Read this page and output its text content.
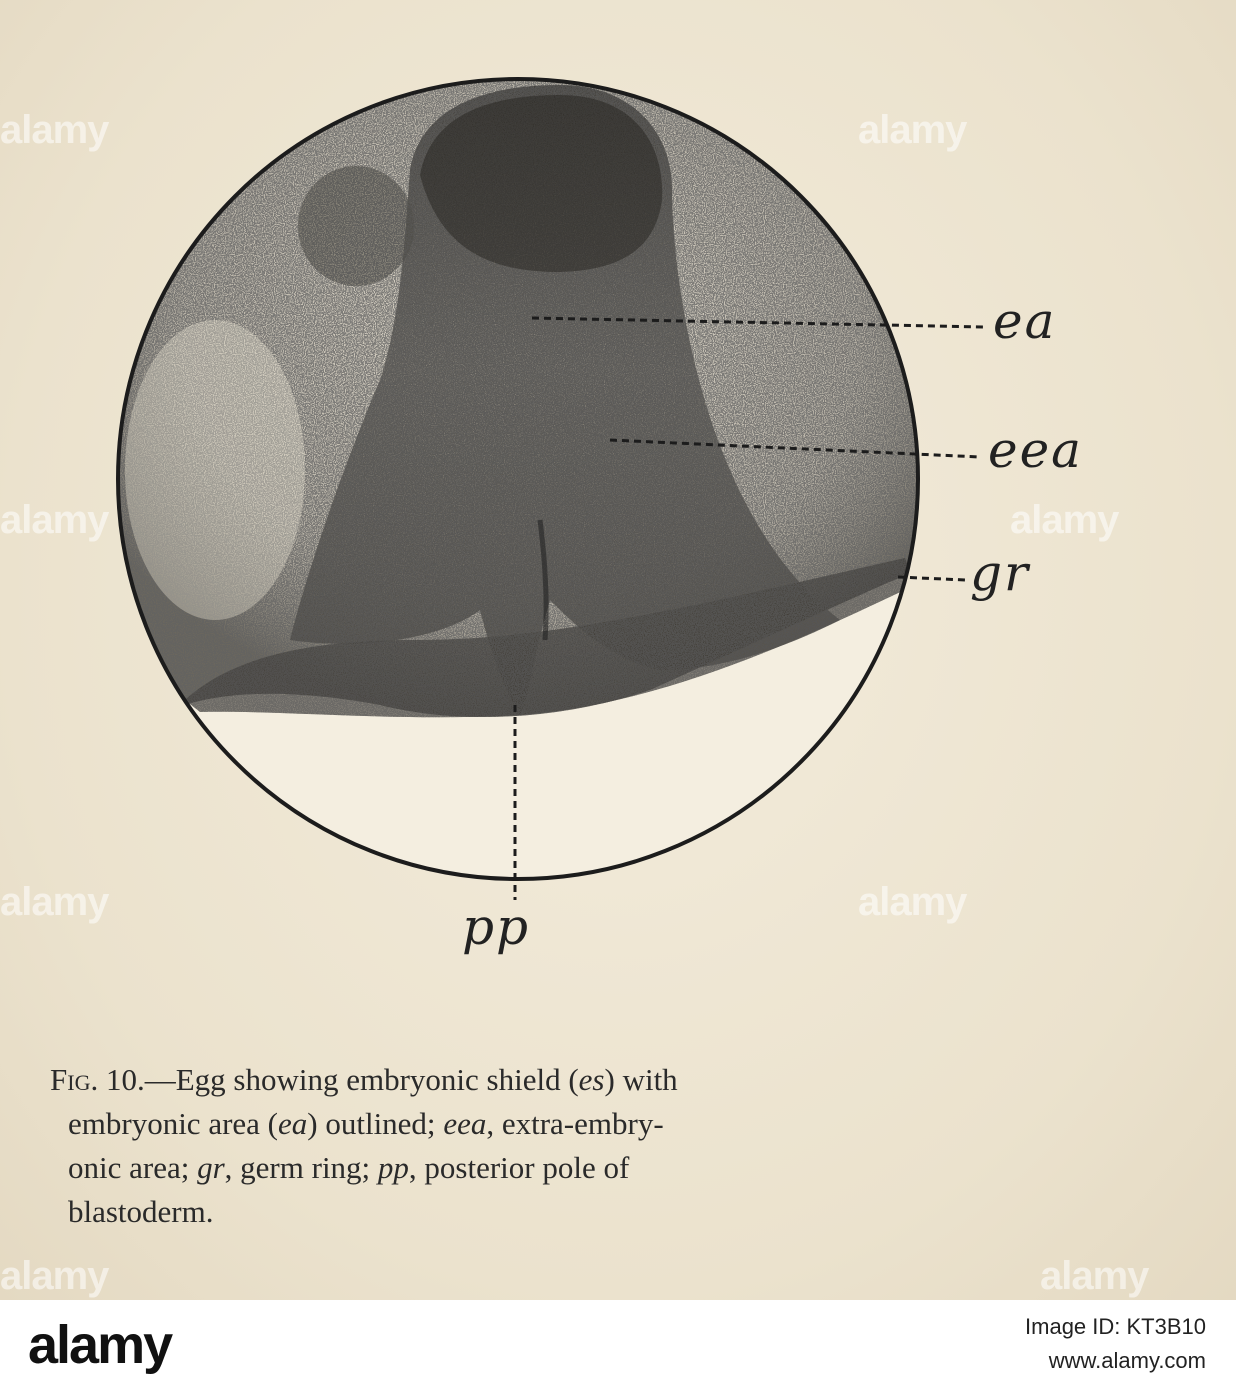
ea
eea
gr
pp
alamy	alamy
alamy	alamy
alamy	alamy
alamy	alamy
Fig. 10.—Egg showing embryonic shield (es) with
embryonic area (ea) outlined; eea, extra-embry-
onic area; gr, germ ring; pp, posterior pole of
blastoderm.
alamy	Image ID: KT3B10
www.alamy.com
